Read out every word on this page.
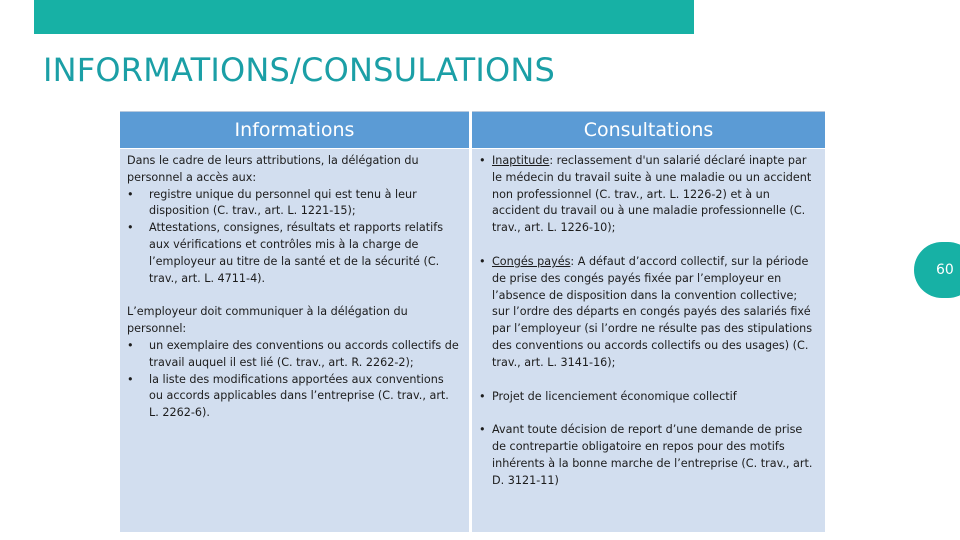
INFORMATIONS/CONSULATIONS
Informations

Dans le cadre de leurs attributions, la délégation du personnel a accès aux:

• registre unique du personnel qui est tenu à leur disposition (C. trav., art. L. 1221-15);
• Attestations, consignes, résultats et rapports relatifs aux vérifications et contrôles mis à la charge de l’employeur au titre de la santé et de la sécurité (C. trav., art. L. 4711-4).

L’employeur doit communiquer à la délégation du personnel:

• un exemplaire des conventions ou accords collectifs de travail auquel il est lié (C. trav., art. R. 2262-2);
• la liste des modifications apportées aux conventions ou accords applicables dans l’entreprise (C. trav., art. L. 2262-6).
Consultations
• Inaptitude: reclassement d'un salarié déclaré inapte par le médecin du travail suite à une maladie ou un accident non professionnel (C. trav., art. L. 1226-2) et à un accident du travail ou à une maladie professionnelle (C. trav., art. L. 1226-10);
• Congés payés: A défaut d’accord collectif, sur la période de prise des congés payés fixée par l’employeur en l’absence de disposition dans la convention collective; sur l’ordre des départs en congés payés des salariés fixé par l’employeur (si l’ordre ne résulte pas des stipulations des conventions ou accords collectifs ou des usages) (C. trav., art. L. 3141-16);
• Projet de licenciement économique collectif
• Avant toute décision de report d’une demande de prise de contrepartie obligatoire en repos pour des motifs inhérents à la bonne marche de l’entreprise (C. trav., art. D. 3121-11)
60
